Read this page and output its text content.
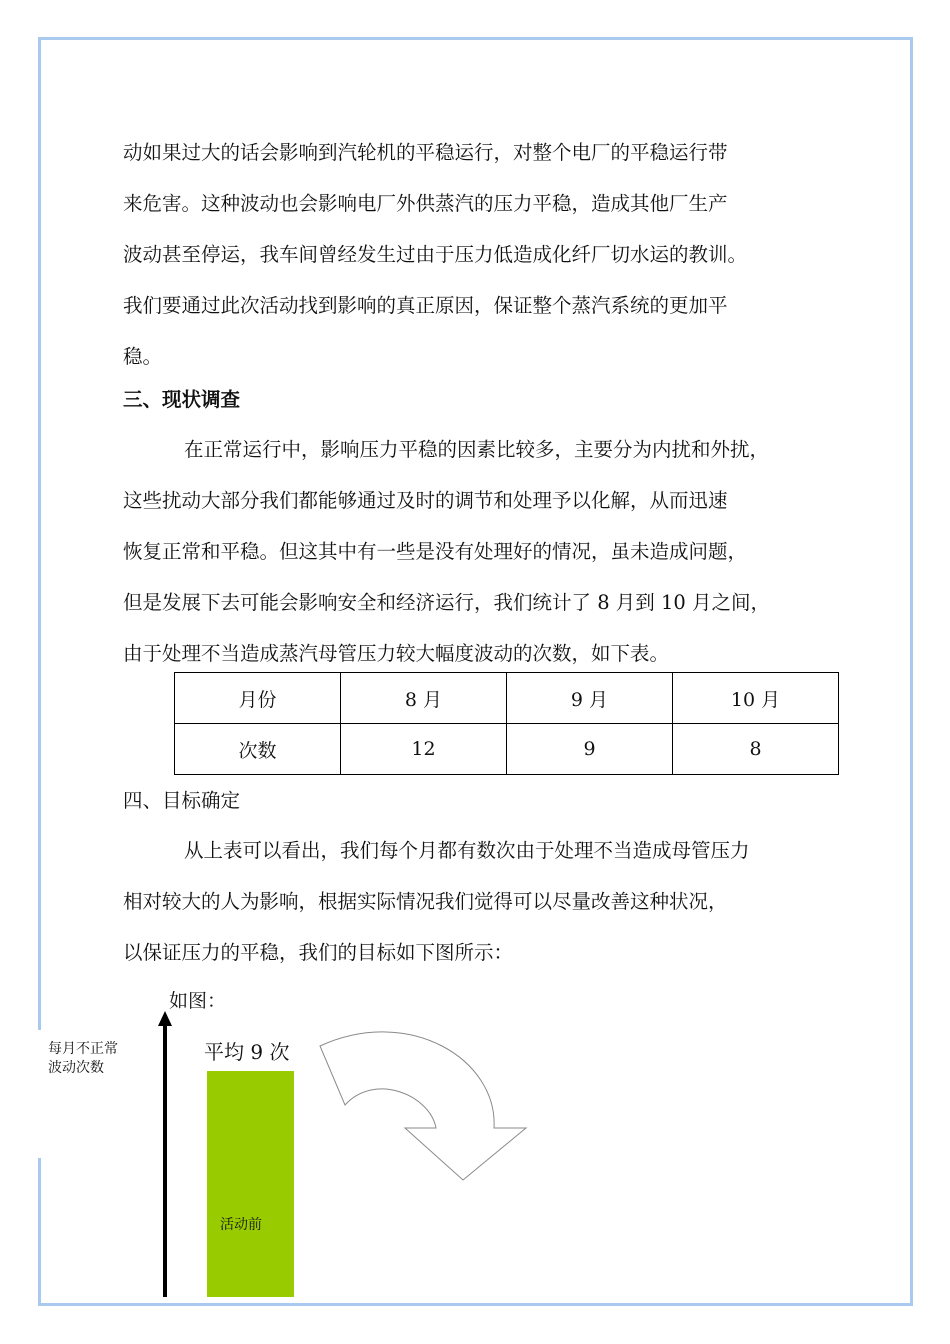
动如果过大的话会影响到汽轮机的平稳运行，对整个电厂的平稳运行带
来危害。这种波动也会影响电厂外供蒸汽的压力平稳，造成其他厂生产
波动甚至停运，我车间曾经发生过由于压力低造成化纤厂切水运的教训。
我们要通过此次活动找到影响的真正原因，保证整个蒸汽系统的更加平
稳。
三、现状调查
在正常运行中，影响压力平稳的因素比较多，主要分为内扰和外扰，
这些扰动大部分我们都能够通过及时的调节和处理予以化解，从而迅速
恢复正常和平稳。但这其中有一些是没有处理好的情况，虽未造成问题，
但是发展下去可能会影响安全和经济运行，我们统计了 8 月到 10 月之间，
由于处理不当造成蒸汽母管压力较大幅度波动的次数，如下表。
月份	8 月	9 月	10 月
次数	12	9	8
四、目标确定
从上表可以看出，我们每个月都有数次由于处理不当造成母管压力
相对较大的人为影响，根据实际情况我们觉得可以尽量改善这种状况，
以保证压力的平稳，我们的目标如下图所示：
如图：
每月不正常
波动次数
平均 9 次
活动前
